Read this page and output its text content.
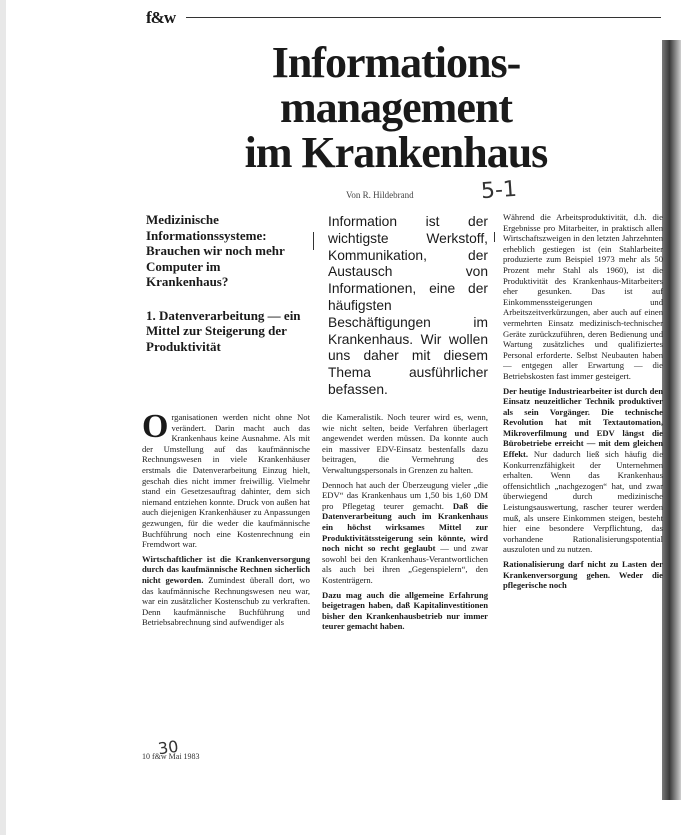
f&w
Informations-
management
im Krankenhaus
Von R. Hildebrand	5-1

Medizinische Informationssysteme: Brauchen wir noch mehr Computer im Krankenhaus?

1. Datenverarbeitung — ein Mittel zur Steigerung der Produktivität

Information ist der wichtigste Werkstoff, Kommunikation, der Austausch von Informationen, eine der häufigsten Beschäftigungen im Krankenhaus. Wir wollen uns daher mit diesem Thema ausführlicher befassen.

Organisationen werden nicht ohne Not verändert. Darin macht auch das Krankenhaus keine Ausnahme. Als mit der Umstellung auf das kaufmännische Rechnungswesen in viele Krankenhäuser erstmals die Datenverarbeitung Einzug hielt, geschah dies nicht immer freiwillig. Vielmehr stand ein Gesetzesauftrag dahinter, dem sich niemand entziehen konnte. Druck von außen hat auch diejenigen Krankenhäuser zu Anpassungen gezwungen, für die weder die kaufmännische Buchführung noch eine Kostenrechnung ein Fremdwort war.

Wirtschaftlicher ist die Krankenversorgung durch das kaufmännische Rechnen sicherlich nicht geworden. Zumindest überall dort, wo das kaufmännische Rechnungswesen neu war, war ein zusätzlicher Kostenschub zu verkraften. Denn kaufmännische Buchführung und Betriebsabrechnung sind aufwendiger als

die Kameralistik. Noch teurer wird es, wenn, wie nicht selten, beide Verfahren überlagert angewendet werden müssen. Da konnte auch ein massiver EDV-Einsatz bestenfalls dazu beitragen, die Vermehrung des Verwaltungspersonals in Grenzen zu halten.

Dennoch hat auch der Überzeugung vieler „die EDV“ das Krankenhaus um 1,50 bis 1,60 DM pro Pflegetag teurer gemacht. Daß die Datenverarbeitung auch im Krankenhaus ein höchst wirksames Mittel zur Produktivitätssteigerung sein könnte, wird noch nicht so recht geglaubt — und zwar sowohl bei den Krankenhaus-Verantwortlichen als auch bei ihren „Gegenspielern“, den Kostenträgern.

Dazu mag auch die allgemeine Erfahrung beigetragen haben, daß Kapitalinvestitionen bisher den Krankenhausbetrieb nur immer teurer gemacht haben.

Während die Arbeitsproduktivität, d.h. die Ergebnisse pro Mitarbeiter, in praktisch allen Wirtschaftszweigen in den letzten Jahrzehnten erheblich gestiegen ist (ein Stahlarbeiter produzierte zum Beispiel 1973 mehr als 50 Prozent mehr Stahl als 1960), ist die Produktivität des Krankenhaus-Mitarbeiters eher gesunken. Das ist auf Einkommenssteigerungen und Arbeitszeitverkürzungen, aber auch auf einen vermehrten Einsatz medizinisch-technischer Geräte zurückzuführen, deren Bedienung und Wartung zusätzliches und qualifiziertes Personal erforderte. Selbst Neubauten haben — entgegen aller Erwartung — die Betriebskosten fast immer gesteigert.

Der heutige Industriearbeiter ist durch den Einsatz neuzeitlicher Technik produktiver als sein Vorgänger. Die technische Revolution hat mit Textautomation, Mikroverfilmung und EDV längst die Bürobetriebe erreicht — mit dem gleichen Effekt. Nur dadurch ließ sich häufig die Konkurrenzfähigkeit der Unternehmen erhalten. Wenn das Krankenhaus offensichtlich „nachgezogen“ hat, und zwar überwiegend durch medizinische Leistungsauswertung, rascher teurer werden muß, als unsere Einkommen steigen, besteht hier eine besondere Verpflichtung, das vorhandene Rationalisierungspotential auszuloten und zu nutzen.

Rationalisierung darf nicht zu Lasten der Krankenversorgung gehen. Weder die pflegerische noch

30
10 f&w Mai 1983
